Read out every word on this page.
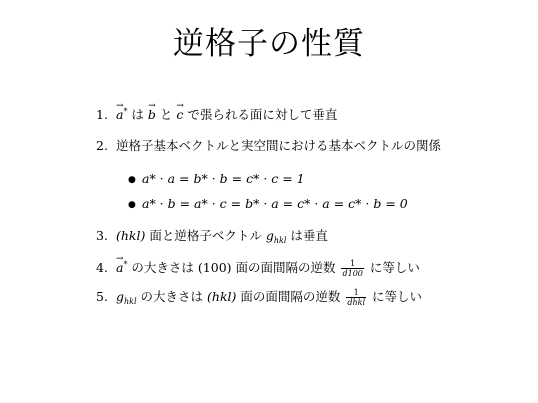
逆格子の性質
1. → a* は → b と → c で張られる面に対して垂直
2. 逆格子基本ベクトルと実空間における基本ベクトルの関係
● a* · a = b* · b = c* · c = 1
● a* · b = a* · c = b* · a = c* · a = c* · b = 0
3. (hkl) 面と逆格子ベクトル $g_{hkl}$ は垂直
4. → a* の大きさは (100) 面の面間隔の逆数 $\frac{1}{d100}$ に等しい
5. $g_{hkl}$ の大きさは (hkl) 面の面間隔の逆数 $\frac{1}{\text{dhkl}}$ に等しい
